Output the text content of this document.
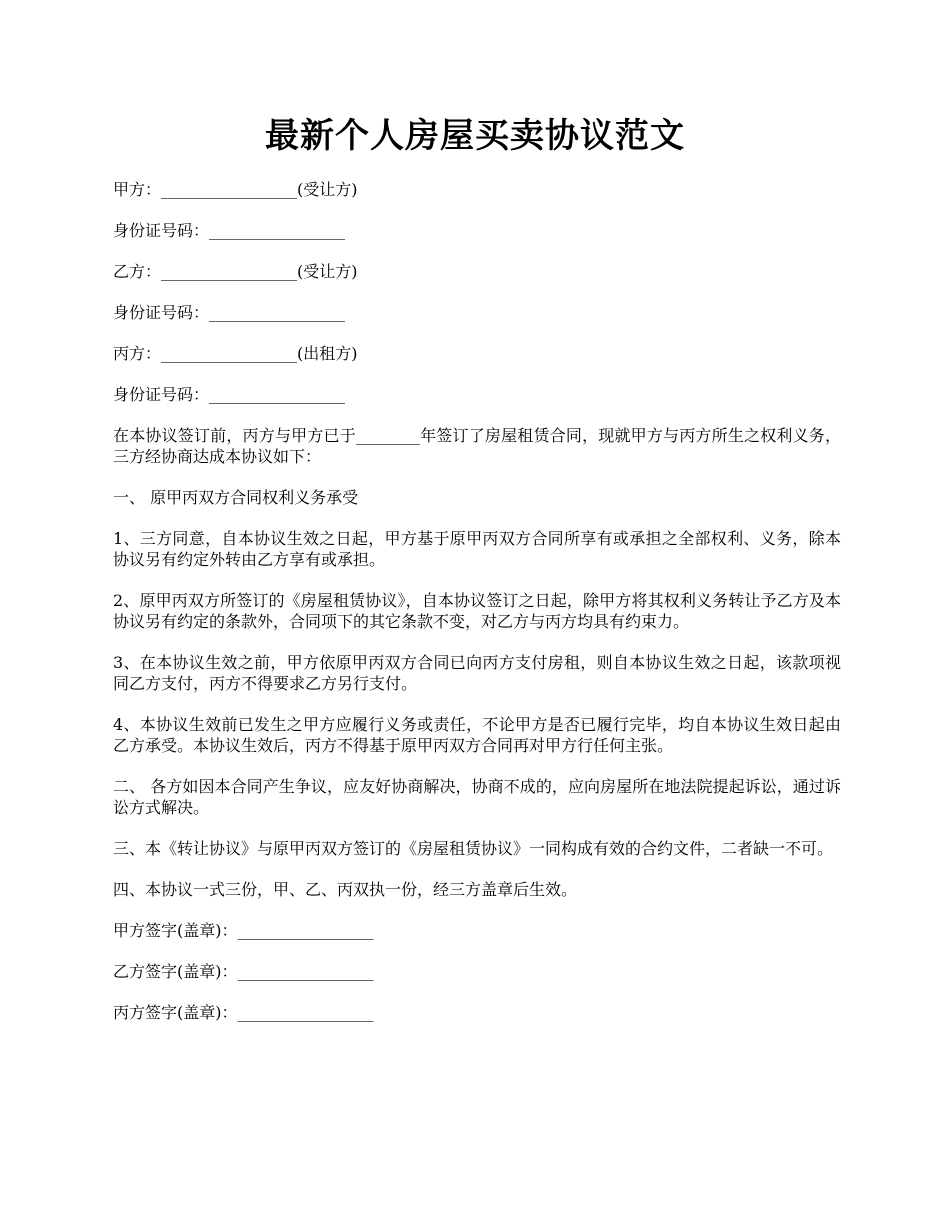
最新个人房屋买卖协议范文

甲方：_________________(受让方)

身份证号码：_________________

乙方：_________________(受让方)

身份证号码：_________________

丙方：_________________(出租方)

身份证号码：_________________

在本协议签订前，丙方与甲方已于________年签订了房屋租赁合同，现就甲方与丙方所生之权利义务，三方经协商达成本协议如下：

一、 原甲丙双方合同权利义务承受

1、三方同意，自本协议生效之日起，甲方基于原甲丙双方合同所享有或承担之全部权利、义务，除本协议另有约定外转由乙方享有或承担。

2、原甲丙双方所签订的《房屋租赁协议》，自本协议签订之日起，除甲方将其权利义务转让予乙方及本协议另有约定的条款外，合同项下的其它条款不变，对乙方与丙方均具有约束力。

3、在本协议生效之前，甲方依原甲丙双方合同已向丙方支付房租，则自本协议生效之日起，该款项视同乙方支付，丙方不得要求乙方另行支付。

4、本协议生效前已发生之甲方应履行义务或责任，不论甲方是否已履行完毕，均自本协议生效日起由乙方承受。本协议生效后，丙方不得基于原甲丙双方合同再对甲方行任何主张。

二、 各方如因本合同产生争议，应友好协商解决，协商不成的，应向房屋所在地法院提起诉讼，通过诉讼方式解决。

三、本《转让协议》与原甲丙双方签订的《房屋租赁协议》一同构成有效的合约文件，二者缺一不可。

四、本协议一式三份，甲、乙、丙双执一份，经三方盖章后生效。

甲方签字(盖章)：_________________

乙方签字(盖章)：_________________

丙方签字(盖章)：_________________
